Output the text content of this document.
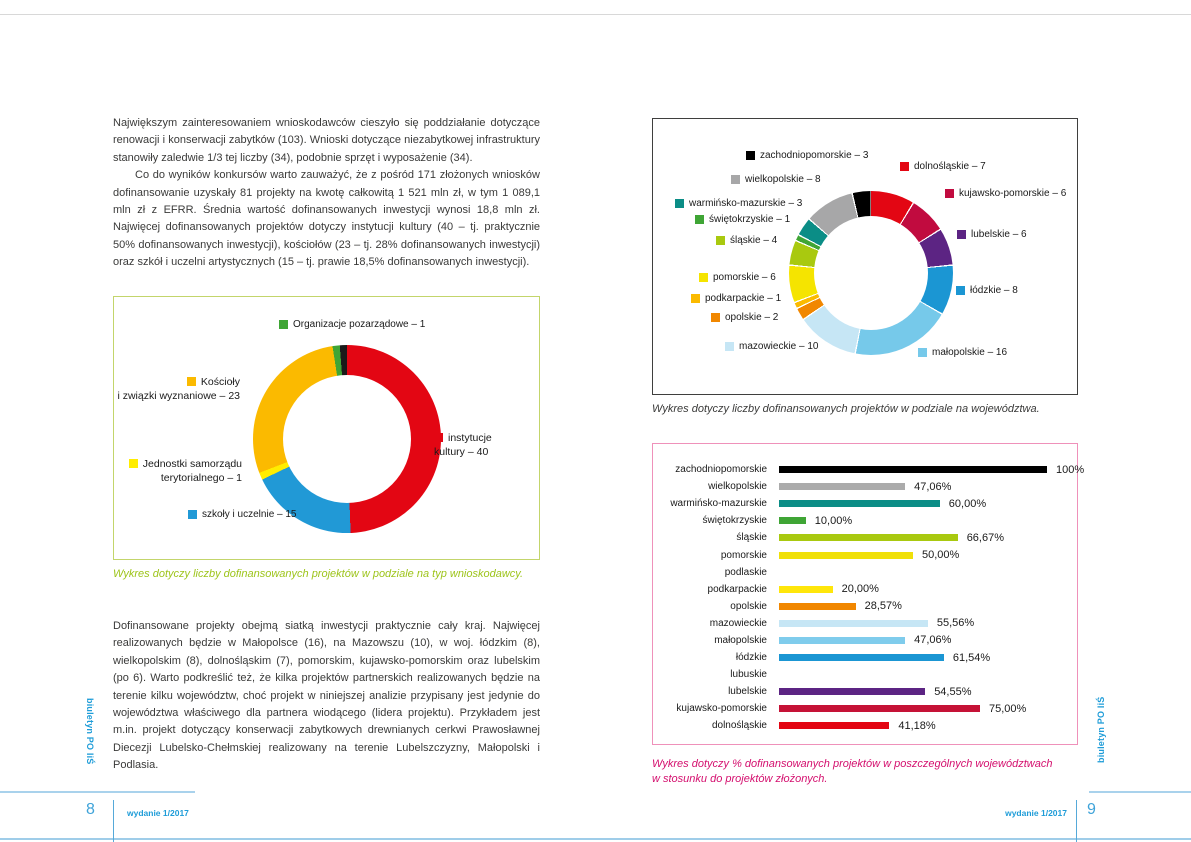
Największym zainteresowaniem wnioskodawców cieszyło się poddziałanie dotyczące renowacji i konserwacji zabytków (103). Wnioski dotyczące niezabytkowej infrastruktury stanowiły zaledwie 1/3 tej liczby (34), podobnie sprzęt i wyposażenie (34).

Co do wyników konkursów warto zauważyć, że z pośród 171 złożonych wniosków dofinansowanie uzyskały 81 projekty na kwotę całkowitą 1 521 mln zł, w tym 1 089,1 mln zł z EFRR. Średnia wartość dofinansowanych inwestycji wynosi 18,8 mln zł. Najwięcej dofinansowanych projektów dotyczy instytucji kultury (40 – tj. praktycznie 50% dofinansowanych inwestycji), kościołów (23 – tj. 28% dofinansowanych inwestycji) oraz szkół i uczelni artystycznych (15 – tj. prawie 18,5% dofinansowanych inwestycji).

Organizacje pozarządowe – 1
Kościoły
i związki wyznaniowe – 23
Jednostki samorządu
terytorialnego – 1
szkoły i uczelnie – 15
instytucje
kultury – 40
Wykres dotyczy liczby dofinansowanych projektów w podziale na typ wnioskodawcy.

Dofinansowane projekty obejmą siatką inwestycji praktycznie cały kraj. Najwięcej realizowanych będzie w Małopolsce (16), na Mazowszu (10), w woj. łódzkim (8), wielkopolskim (8), dolnośląskim (7), pomorskim, kujawsko-pomorskim oraz lubelskim (po 6). Warto podkreślić też, że kilka projektów partnerskich realizowanych będzie na terenie kilku województw, choć projekt w niniejszej analizie przypisany jest jedynie do województwa właściwego dla partnera wiodącego (lidera projektu). Przykładem jest m.in. projekt dotyczący konserwacji zabytkowych drewnianych cerkwi Prawosławnej Diecezji Lubelsko-Chełmskiej realizowany na terenie Lubelszczyzny, Małopolski i Podlasia.

biuletyn PO IiŚ
8	wydanie 1/2017
dolnośląskie – 7
kujawsko-pomorskie – 6
lubelskie – 6
łódzkie – 8
małopolskie – 16
mazowieckie – 10
opolskie – 2
podkarpackie – 1
pomorskie – 6
śląskie – 4
świętokrzyskie – 1
warmińsko-mazurskie – 3
wielkopolskie – 8
zachodniopomorskie – 3
Wykres dotyczy liczby dofinansowanych projektów w podziale na województwa.
zachodniopomorskie	100%
wielkopolskie	47,06%
warmińsko-mazurskie	60,00%
świętokrzyskie	10,00%
śląskie	66,67%
pomorskie	50,00%
podlaskie
podkarpackie	20,00%
opolskie	28,57%
mazowieckie	55,56%
małopolskie	47,06%
łódzkie	61,54%
lubuskie
lubelskie	54,55%
kujawsko-pomorskie	75,00%
dolnośląskie	41,18%
Wykres dotyczy % dofinansowanych projektów w poszczególnych województwach
w stosunku do projektów złożonych.
biuletyn PO IiŚ
wydanie 1/2017 9
